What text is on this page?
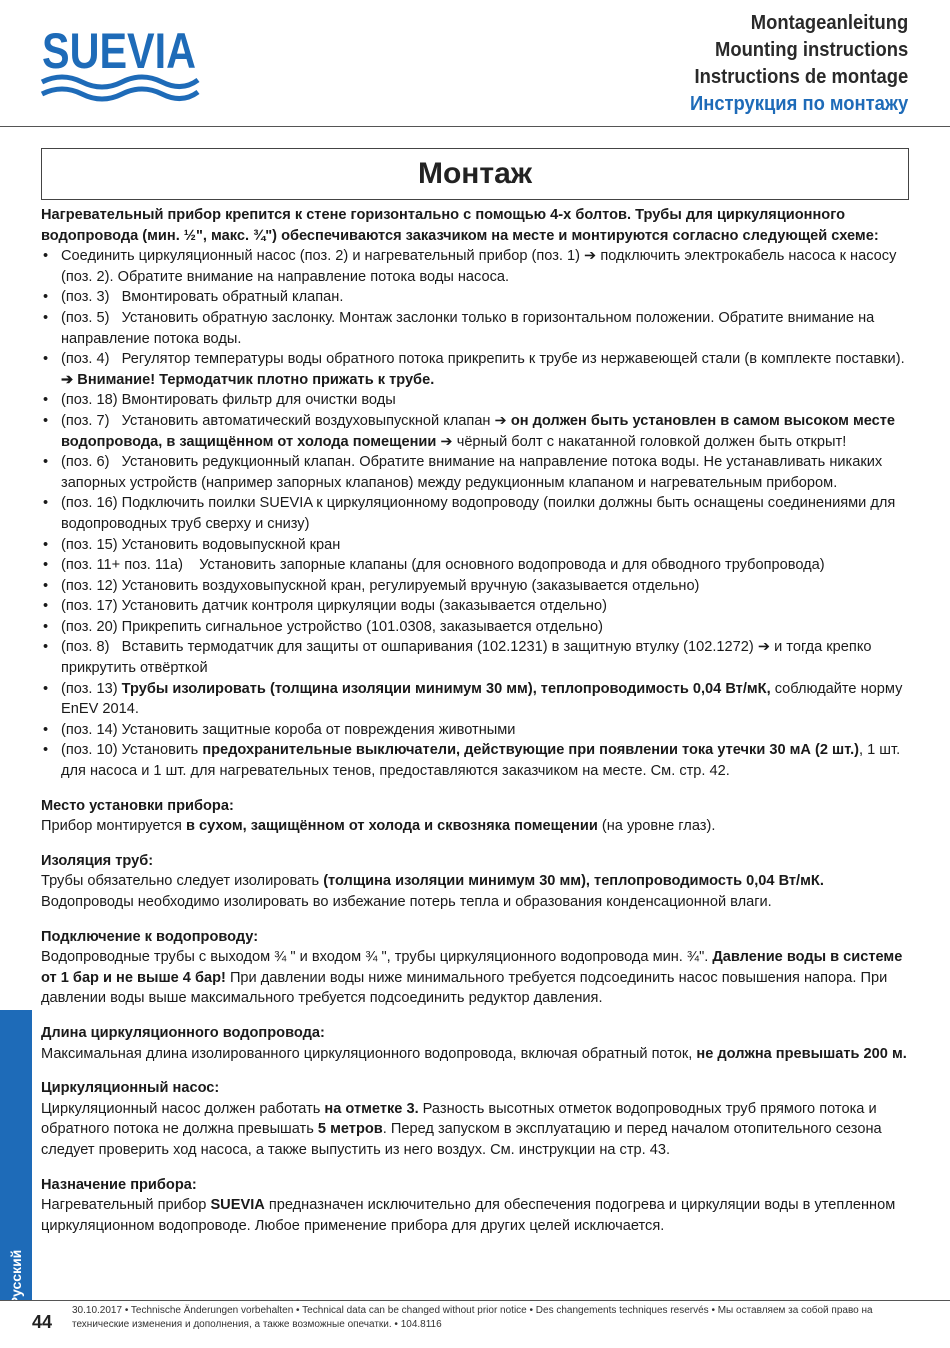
SUEVIA	Montageanleitung
Mounting instructions
Instructions de montage
Инструкция по монтажу
Монтаж

Нагревательный прибор крепится к стене горизонтально с помощью 4-х болтов. Трубы для циркуляционного водопровода (мин. ½", макс. ¾") обеспечиваются заказчиком на месте и монтируются согласно следующей схеме:

• Соединить циркуляционный насос (поз. 2) и нагревательный прибор (поз. 1) ➔ подключить электрокабель насоса к насосу (поз. 2). Обратите внимание на направление потока воды насоса.
• (поз. 3)   Вмонтировать обратный клапан.
• (поз. 5)   Установить обратную заслонку. Монтаж заслонки только в горизонтальном положении. Обратите внимание на направление потока воды.
• (поз. 4)   Регулятор температуры воды обратного потока прикрепить к трубе из нержавеющей стали (в комплекте поставки). ➔ Внимание! Термодатчик плотно прижать к трубе.
• (поз. 18) Вмонтировать фильтр для очистки воды
• (поз. 7)   Установить автоматический воздуховыпускной клапан ➔ он должен быть установлен в самом высоком месте водопровода, в защищённом от холода помещении ➔ чёрный болт с накатанной головкой должен быть открыт!
• (поз. 6)   Установить редукционный клапан. Обратите внимание на направление потока воды. Не устанавливать никаких запорных устройств (например запорных клапанов) между редукционным клапаном и нагревательным прибором.
• (поз. 16) Подключить поилки SUEVIA к циркуляционному водопроводу (поилки должны быть оснащены соединениями для водопроводных труб сверху и снизу)
• (поз. 15) Установить водовыпускной кран
• (поз. 11+ поз. 11a)    Установить запорные клапаны (для основного водопровода и для обводного трубопровода)
• (поз. 12) Установить воздуховыпускной кран, регулируемый вручную (заказывается отдельно)
• (поз. 17) Установить датчик контроля циркуляции воды (заказывается отдельно)
• (поз. 20) Прикрепить сигнальное устройство (101.0308, заказывается отдельно)
• (поз. 8)   Вставить термодатчик для защиты от ошпаривания (102.1231) в защитную втулку (102.1272) ➔ и тогда крепко прикрутить отвёрткой
• (поз. 13) Трубы изолировать (толщина изоляции минимум 30 мм), теплопроводимость 0,04 Вт/мК, соблюдайте норму EnEV 2014.
• (поз. 14) Установить защитные короба от повреждения животными
• (поз. 10) Установить предохранительные выключатели, действующие при появлении тока утечки 30 мА (2 шт.), 1 шт. для насоса и 1 шт. для нагревательных тенов, предоставляются заказчиком на месте. См. стр. 42.
Место установки прибора:

Прибор монтируется в сухом, защищённом от холода и сквозняка помещении (на уровне глаз).

Изоляция труб:

Трубы обязательно следует изолировать (толщина изоляции минимум 30 мм), теплопроводимость 0,04 Вт/мК. Водопроводы необходимо изолировать во избежание потерь тепла и образования конденсационной влаги.

Подключение к водопроводу:

Водопроводные трубы с выходом ¾ " и входом ¾ ", трубы циркуляционного водопровода мин. ¾". Давление воды в системе от 1 бар и не выше 4 бар! При давлении воды ниже минимального требуется подсоединить насос повышения напора. При давлении воды выше максимального требуется подсоединить редуктор давления.

Длина циркуляционного водопровода:

Максимальная длина изолированного циркуляционного водопровода, включая обратный поток, не должна превышать 200 м.

Циркуляционный насос:

Циркуляционный насос должен работать на отметке 3. Разность высотных отметок водопроводных труб прямого потока и обратного потока не должна превышать 5 метров. Перед запуском в эксплуатацию и перед началом отопительного сезона следует проверить ход насоса, а также выпустить из него воздух. См. инструкции на стр. 43.

Назначение прибора:

Нагревательный прибор SUEVIA предназначен исключительно для обеспечения подогрева и циркуляции воды в утепленном циркуляционном водопроводе. Любое применение прибора для других целей исключается.

Русский
44
30.10.2017 • Technische Änderungen vorbehalten • Technical data can be changed without prior notice • Des changements techniques reservés • Мы оставляем за собой право на технические изменения и дополнения, а также возможные опечатки. • 104.8116
